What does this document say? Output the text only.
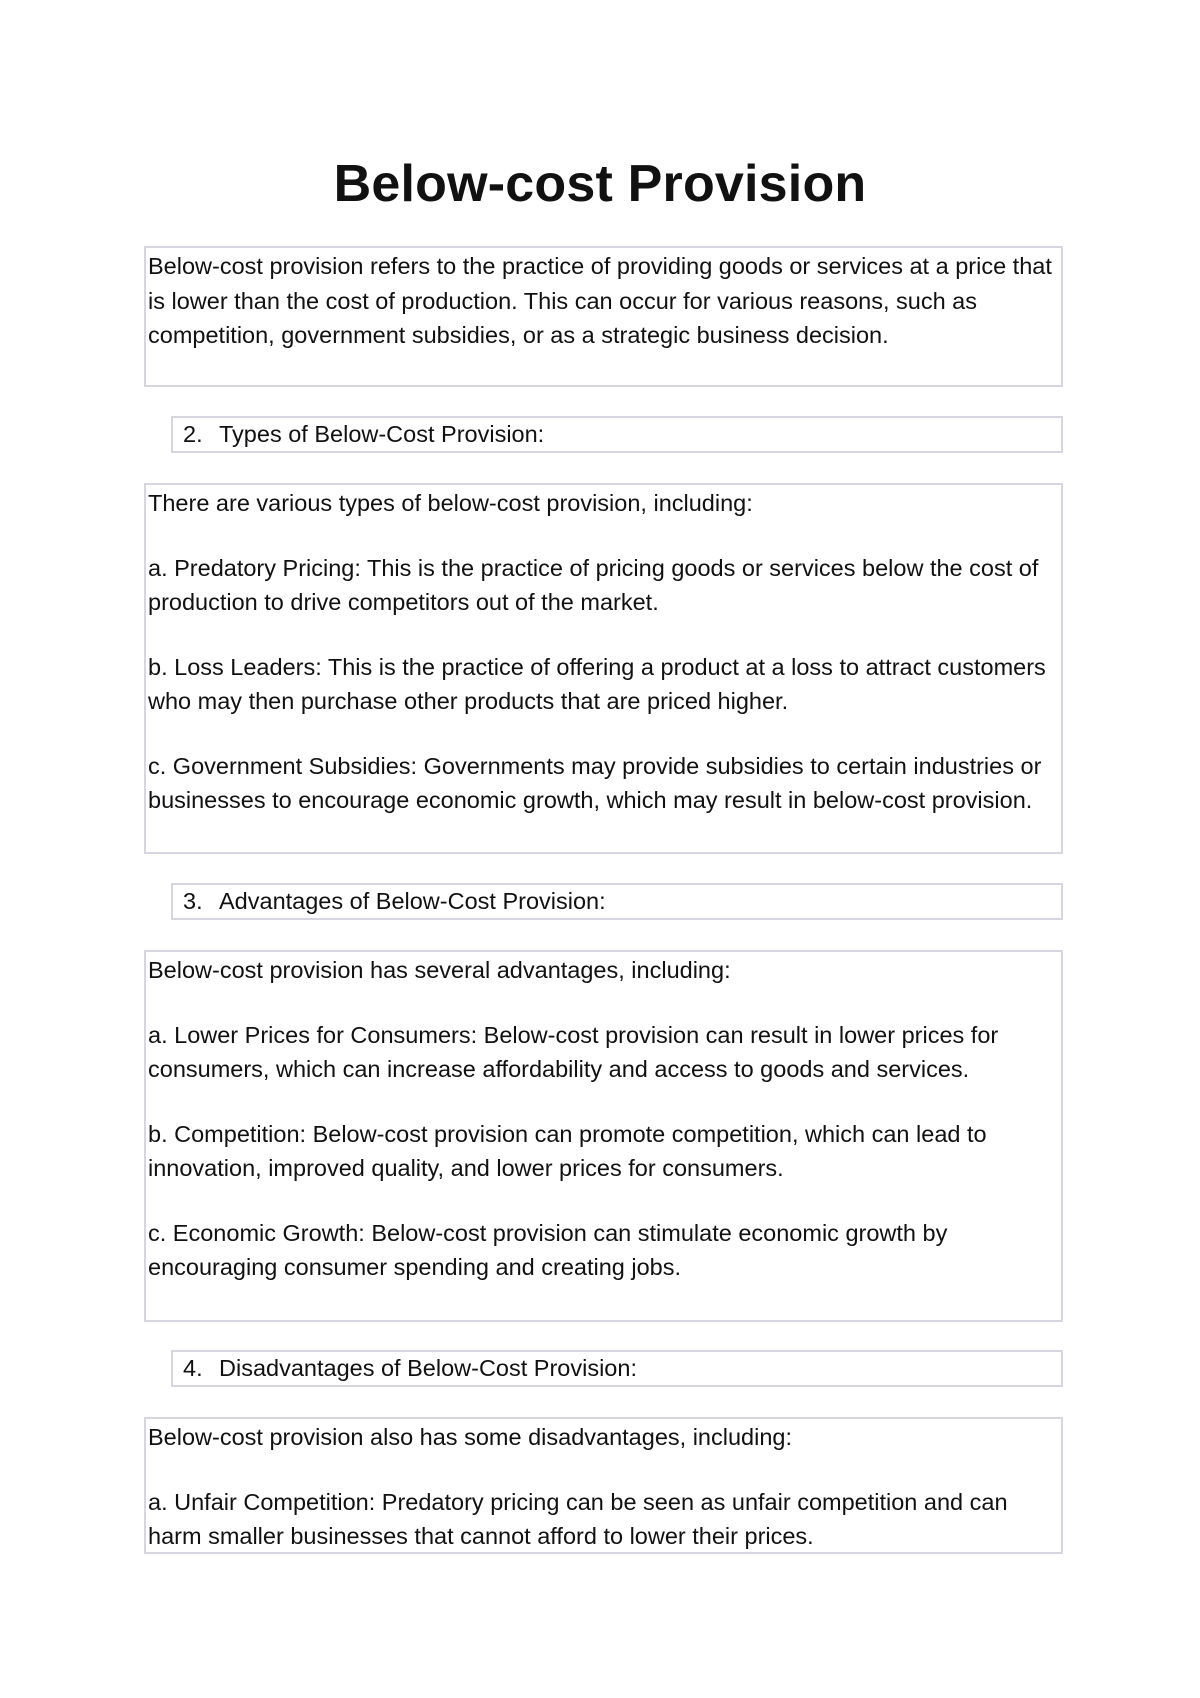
Below-cost Provision

Below-cost provision refers to the practice of providing goods or services at a price that is lower than the cost of production. This can occur for various reasons, such as competition, government subsidies, or as a strategic business decision.

2. Types of Below-Cost Provision:

There are various types of below-cost provision, including:

a. Predatory Pricing: This is the practice of pricing goods or services below the cost of production to drive competitors out of the market.

b. Loss Leaders: This is the practice of offering a product at a loss to attract customers who may then purchase other products that are priced higher.

c. Government Subsidies: Governments may provide subsidies to certain industries or businesses to encourage economic growth, which may result in below-cost provision.

3. Advantages of Below-Cost Provision:

Below-cost provision has several advantages, including:

a. Lower Prices for Consumers: Below-cost provision can result in lower prices for consumers, which can increase affordability and access to goods and services.

b. Competition: Below-cost provision can promote competition, which can lead to innovation, improved quality, and lower prices for consumers.

c. Economic Growth: Below-cost provision can stimulate economic growth by encouraging consumer spending and creating jobs.

4. Disadvantages of Below-Cost Provision:

Below-cost provision also has some disadvantages, including:

a. Unfair Competition: Predatory pricing can be seen as unfair competition and can harm smaller businesses that cannot afford to lower their prices.
